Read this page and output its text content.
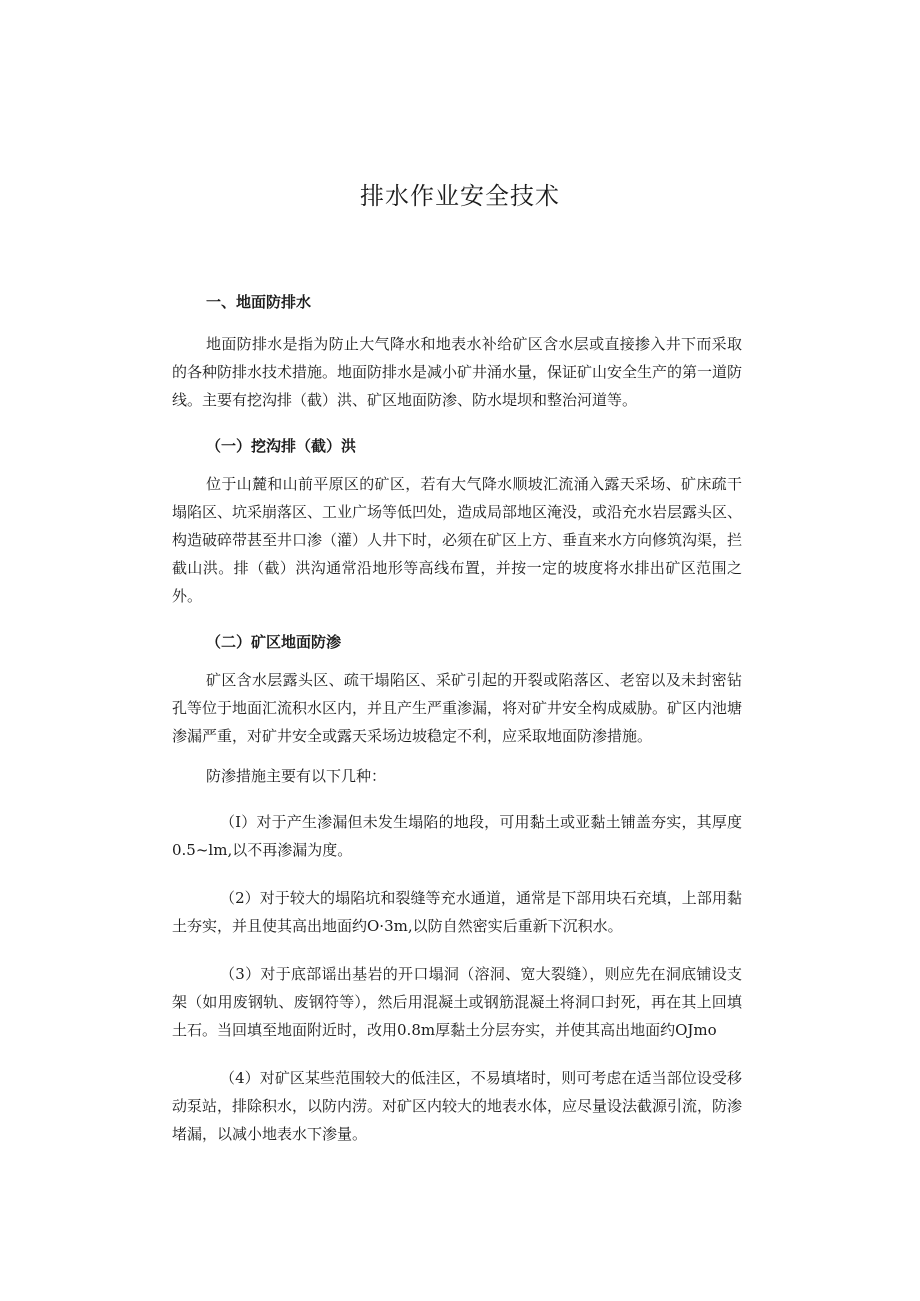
排水作业安全技术
一、地面防排水

地面防排水是指为防止大气降水和地表水补给矿区含水层或直接掺入井下而采取的各种防排水技术措施。地面防排水是减小矿井涌水量，保证矿山安全生产的第一道防线。主要有挖沟排（截）洪、矿区地面防渗、防水堤坝和整治河道等。

（一）挖沟排（截）洪

位于山麓和山前平原区的矿区，若有大气降水顺坡汇流涌入露天采场、矿床疏干塌陷区、坑采崩落区、工业广场等低凹处，造成局部地区淹没，或沿充水岩层露头区、构造破碎带甚至井口渗（灌）人井下时，必须在矿区上方、垂直来水方向修筑沟渠，拦截山洪。排（截）洪沟通常沿地形等高线布置，并按一定的坡度将水排出矿区范围之外。

（二）矿区地面防渗

矿区含水层露头区、疏干塌陷区、采矿引起的开裂或陷落区、老窑以及未封密钻孔等位于地面汇流积水区内，并且产生严重渗漏，将对矿井安全构成威胁。矿区内池塘渗漏严重，对矿井安全或露天采场边坡稳定不利，应采取地面防渗措施。

防渗措施主要有以下几种：

（I）对于产生渗漏但未发生塌陷的地段，可用黏土或亚黏土铺盖夯实，其厚度0.5~lm,以不再渗漏为度。

（2）对于较大的塌陷坑和裂缝等充水通道，通常是下部用块石充填，上部用黏土夯实，并且使其高出地面约O·3m,以防自然密实后重新下沉积水。

（3）对于底部谣出基岩的开口塌洞（溶洞、宽大裂缝），则应先在洞底铺设支架（如用废钢轨、废钢符等），然后用混凝土或钢筋混凝土将洞口封死，再在其上回填土石。当回填至地面附近时，改用0.8m厚黏土分层夯实，并使其高出地面约OJmo

（4）对矿区某些范围较大的低洼区，不易填堵时，则可考虑在适当部位设受移动泵站，排除积水，以防内涝。对矿区内较大的地表水体，应尽量设法截源引流，防渗堵漏，以减小地表水下渗量。
